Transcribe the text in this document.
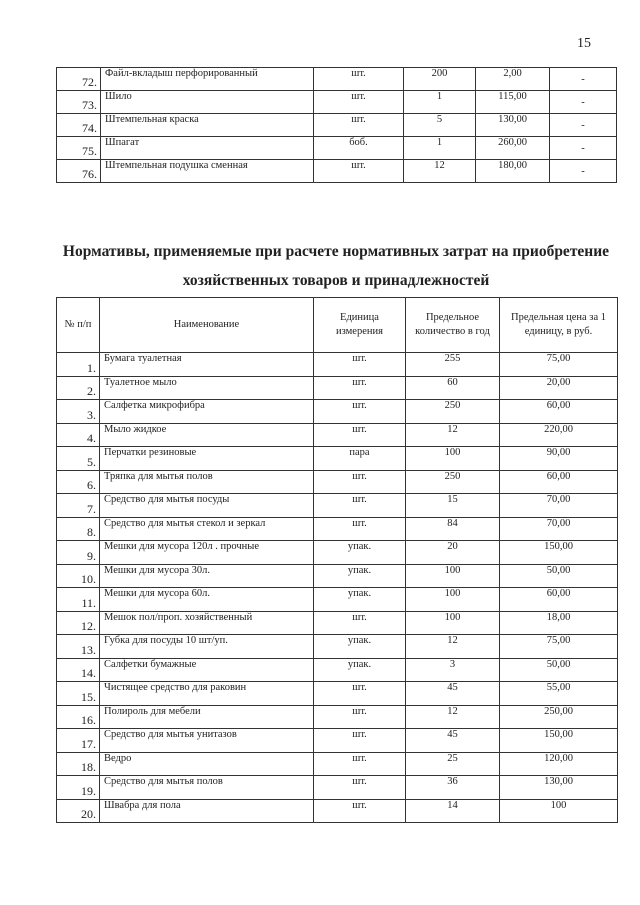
15
72.	Файл-вкладыш перфорированный	шт.	200	2,00	-
73.	Шило	шт.	1	115,00	-
74.	Штемпельная краска	шт.	5	130,00	-
75.	Шпагат	боб.	1	260,00	-
76.	Штемпельная подушка сменная	шт.	12	180,00	-
Нормативы, применяемые при расчете нормативных затрат на приобретение
хозяйственных товаров и принадлежностей
№ п/п	Наименование	Единица измерения	Предельное количество в год	Предельная цена за 1 единицу, в руб.
1.	Бумага туалетная	шт.	255	75,00
2.	Туалетное мыло	шт.	60	20,00
3.	Салфетка микрофибра	шт.	250	60,00
4.	Мыло жидкое	шт.	12	220,00
5.	Перчатки резиновые	пара	100	90,00
6.	Тряпка для мытья полов	шт.	250	60,00
7.	Средство для мытья посуды	шт.	15	70,00
8.	Средство для мытья стекол и зеркал	шт.	84	70,00
9.	Мешки для мусора 120л . прочные	упак.	20	150,00
10.	Мешки для мусора 30л.	упак.	100	50,00
11.	Мешки для мусора 60л.	упак.	100	60,00
12.	Мешок пол/проп. хозяйственный	шт.	100	18,00
13.	Губка для посуды 10 шт/уп.	упак.	12	75,00
14.	Салфетки бумажные	упак.	3	50,00
15.	Чистящее средство для раковин	шт.	45	55,00
16.	Полироль для мебели	шт.	12	250,00
17.	Средство для мытья унитазов	шт.	45	150,00
18.	Ведро	шт.	25	120,00
19.	Средство для мытья полов	шт.	36	130,00
20.	Швабра для пола	шт.	14	100
